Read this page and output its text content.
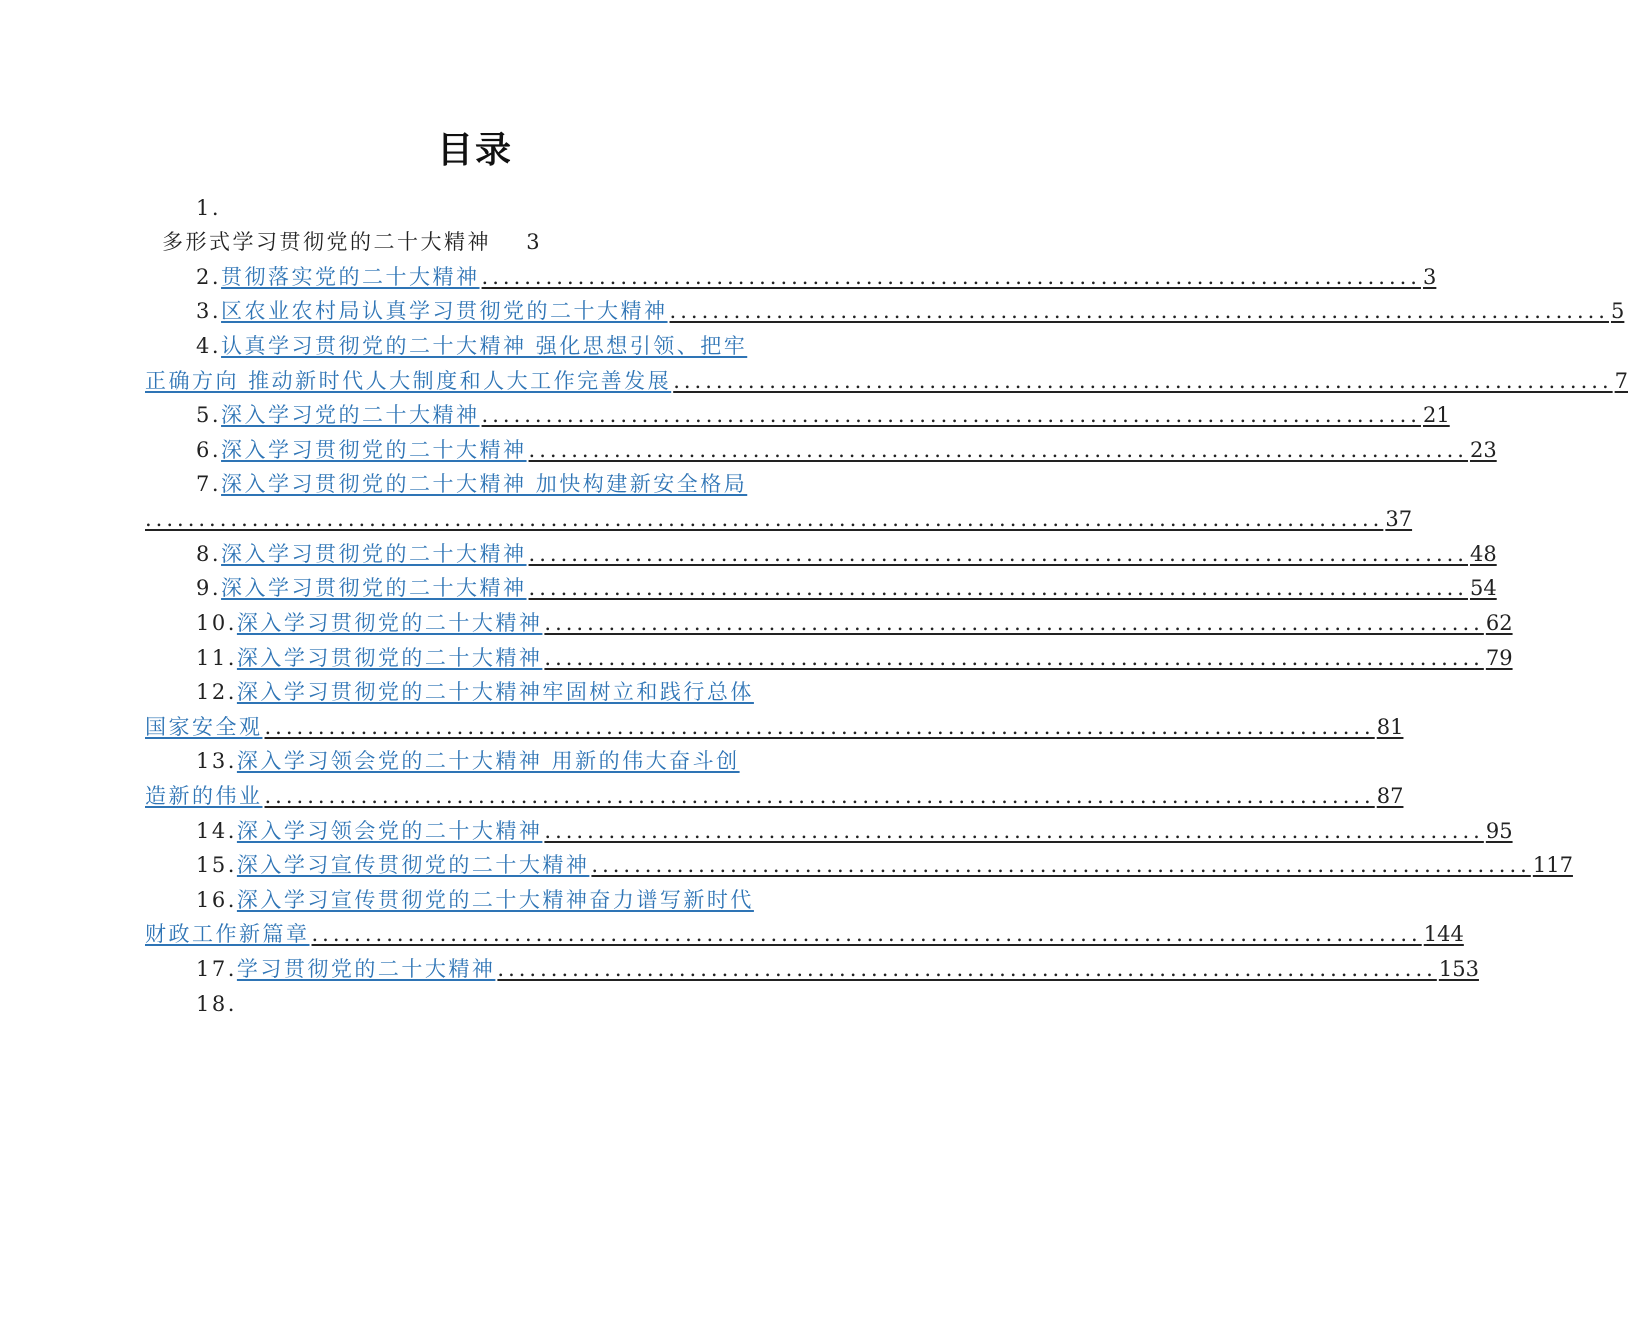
目录
1.
多形式学习贯彻党的二十大精神 3
2. 贯彻落实党的二十大精神 ........................................................................................ 3
3. 区农业农村局认真学习贯彻党的二十大精神 ........................................................................................ 5
4. 认真学习贯彻党的二十大精神 强化思想引领、把牢
正确方向 推动新时代人大制度和人大工作完善发展 ........................................................................................ 7
5. 深入学习党的二十大精神 ........................................................................................ 21
6. 深入学习贯彻党的二十大精神 ........................................................................................ 23
7. 深入学习贯彻党的二十大精神 加快构建新安全格局
.................................................................................................................... 37
8. 深入学习贯彻党的二十大精神 ........................................................................................ 48
9. 深入学习贯彻党的二十大精神 ........................................................................................ 54
10. 深入学习贯彻党的二十大精神 ........................................................................................ 62
11. 深入学习贯彻党的二十大精神 ........................................................................................ 79
12. 深入学习贯彻党的二十大精神牢固树立和践行总体
国家安全观 ........................................................................................................ 81
13. 深入学习领会党的二十大精神 用新的伟大奋斗创
造新的伟业 ........................................................................................................ 87
14. 深入学习领会党的二十大精神 ........................................................................................ 95
15. 深入学习宣传贯彻党的二十大精神 ........................................................................................ 117
16. 深入学习宣传贯彻党的二十大精神奋力谱写新时代
财政工作新篇章 ........................................................................................................ 144
17. 学习贯彻党的二十大精神 ........................................................................................ 153
18.
